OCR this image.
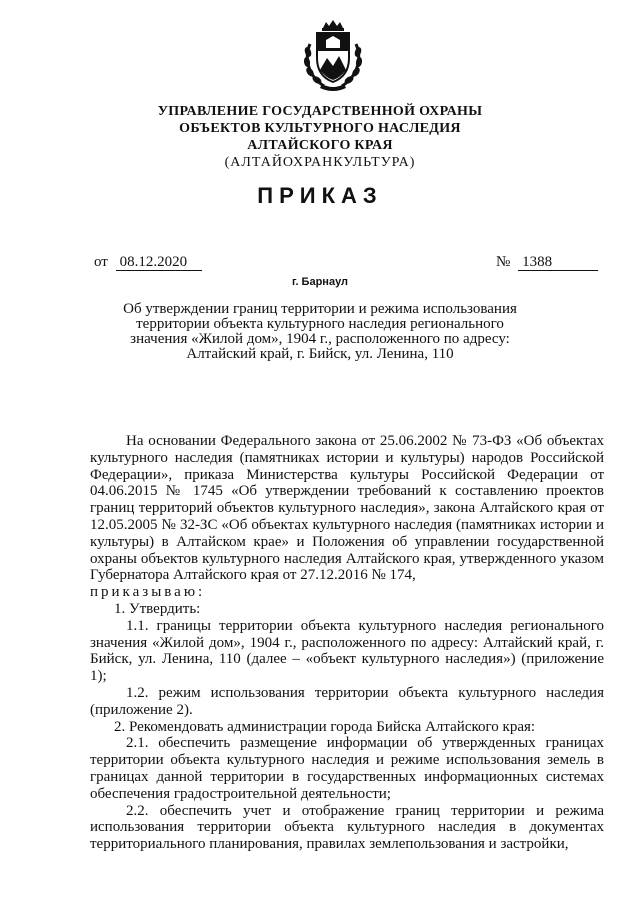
УПРАВЛЕНИЕ ГОСУДАРСТВЕННОЙ ОХРАНЫ
ОБЪЕКТОВ КУЛЬТУРНОГО НАСЛЕДИЯ
АЛТАЙСКОГО КРАЯ
(АЛТАЙОХРАНКУЛЬТУРА)
ПРИКАЗ
от 08.12.2020	№ 1388
г. Барнаул
Об утверждении границ территории и режима использования
территории объекта культурного наследия регионального
значения «Жилой дом», 1904 г., расположенного по адресу:
Алтайский край, г. Бийск, ул. Ленина, 110

На основании Федерального закона от 25.06.2002 № 73-ФЗ «Об объектах культурного наследия (памятниках истории и культуры) народов Российской Федерации», приказа Министерства культуры Российской Федерации от 04.06.2015 № 1745 «Об утверждении требований к составлению проектов границ территорий объектов культурного наследия», закона Алтайского края от 12.05.2005 № 32-ЗС «Об объектах культурного наследия (памятниках истории и культуры) в Алтайском крае» и Положения об управлении государственной охраны объектов культурного наследия Алтайского края, утвержденного указом Губернатора Алтайского края от 27.12.2016 № 174,

приказываю:

1. Утвердить:

1.1. границы территории объекта культурного наследия регионального значения «Жилой дом», 1904 г., расположенного по адресу: Алтайский край, г. Бийск, ул. Ленина, 110 (далее – «объект культурного наследия») (приложение 1);

1.2. режим использования территории объекта культурного наследия (приложение 2).

2. Рекомендовать администрации города Бийска Алтайского края:

2.1. обеспечить размещение информации об утвержденных границах территории объекта культурного наследия и режиме использования земель в границах данной территории в государственных информационных системах обеспечения градостроительной деятельности;

2.2. обеспечить учет и отображение границ территории и режима использования территории объекта культурного наследия в документах территориального планирования, правилах землепользования и застройки,
